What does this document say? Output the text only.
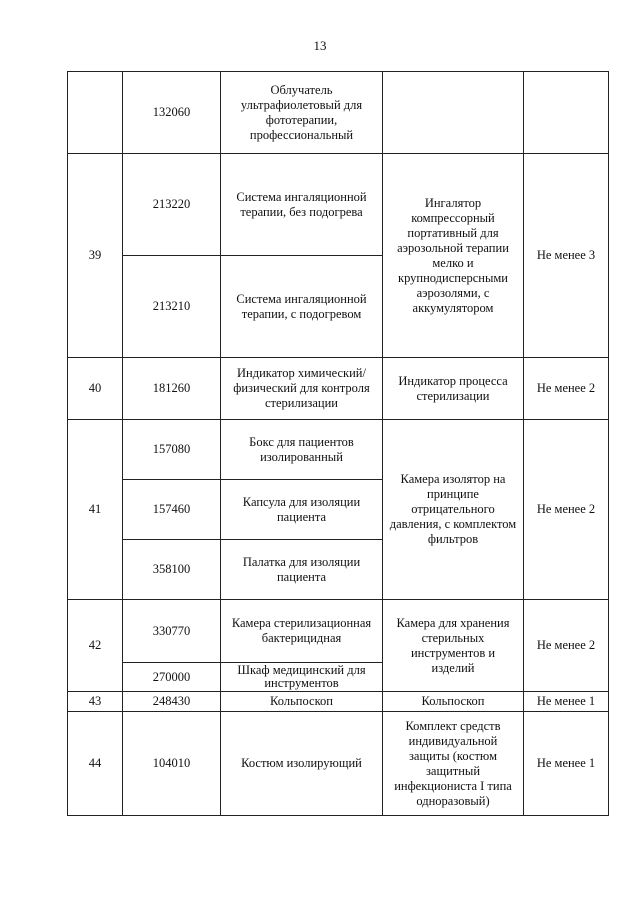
13
	132060	Облучатель ультрафиолетовый для фототерапии, профессиональный		
39	213220	Система ингаляционной терапии, без подогрева	Ингалятор компрессорный портативный для аэрозольной терапии мелко и крупнодисперсными аэрозолями, с аккумулятором	Не менее 3
	213210	Система ингаляционной терапии, с подогревом		
40	181260	Индикатор химический/физический для контроля стерилизации	Индикатор процесса стерилизации	Не менее 2
41	157080	Бокс для пациентов изолированный	Камера изолятор на принципе отрицательного давления, с комплектом фильтров	Не менее 2
	157460	Капсула для изоляции пациента		
	358100	Палатка для изоляции пациента		
42	330770	Камера стерилизационная бактерицидная	Камера для хранения стерильных инструментов и изделий	Не менее 2
	270000	Шкаф медицинский для инструментов		
43	248430	Кольпоскоп	Кольпоскоп	Не менее 1
44	104010	Костюм изолирующий	Комплект средств индивидуальной защиты (костюм защитный инфекциониста I типа одноразовый)	Не менее 1
